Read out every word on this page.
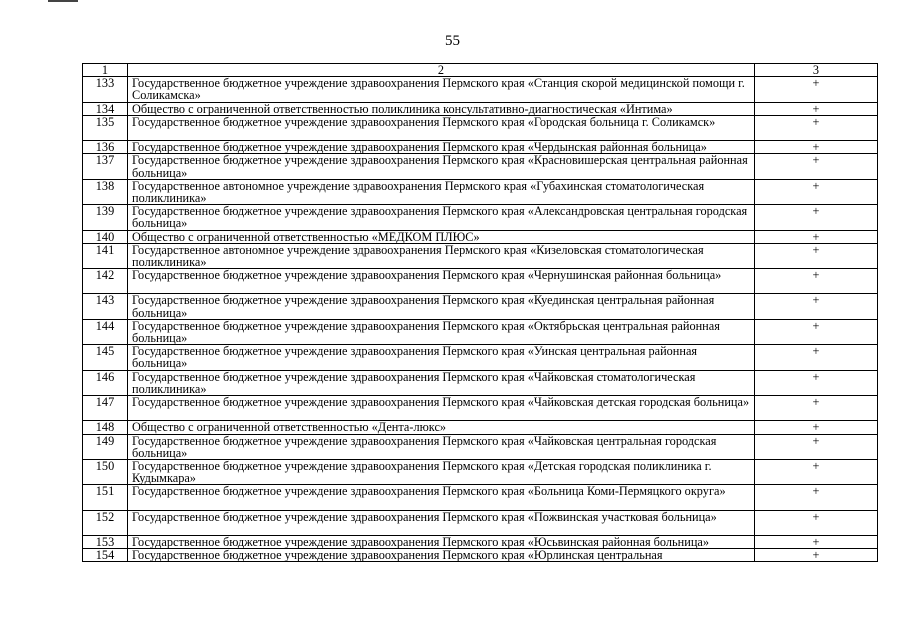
55
1	2	3
133	Государственное бюджетное учреждение здравоохранения Пермского края «Станция скорой медицинской помощи г. Соликамска»	+
134	Общество с ограниченной ответственностью поликлиника консультативно-диагностическая «Интима»	+
135	Государственное бюджетное учреждение здравоохранения Пермского края «Городская больница г. Соликамск»	+
136	Государственное бюджетное учреждение здравоохранения Пермского края «Чердынская районная больница»	+
137	Государственное бюджетное учреждение здравоохранения Пермского края «Красновишерская центральная районная больница»	+
138	Государственное автономное учреждение здравоохранения Пермского края «Губахинская стоматологическая поликлиника»	+
139	Государственное бюджетное учреждение здравоохранения Пермского края «Александровская центральная городская больница»	+
140	Общество с ограниченной ответственностью «МЕДКОМ ПЛЮС»	+
141	Государственное автономное учреждение здравоохранения Пермского края «Кизеловская стоматологическая поликлиника»	+
142	Государственное бюджетное учреждение здравоохранения Пермского края «Чернушинская районная больница»	+
143	Государственное бюджетное учреждение здравоохранения Пермского края «Куединская центральная районная больница»	+
144	Государственное бюджетное учреждение здравоохранения Пермского края «Октябрьская центральная районная больница»	+
145	Государственное бюджетное учреждение здравоохранения Пермского края «Уинская центральная районная больница»	+
146	Государственное бюджетное учреждение здравоохранения Пермского края «Чайковская стоматологическая поликлиника»	+
147	Государственное бюджетное учреждение здравоохранения Пермского края «Чайковская детская городская больница»	+
148	Общество с ограниченной ответственностью «Дента-люкс»	+
149	Государственное бюджетное учреждение здравоохранения Пермского края «Чайковская центральная городская больница»	+
150	Государственное бюджетное учреждение здравоохранения Пермского края «Детская городская поликлиника г. Кудымкара»	+
151	Государственное бюджетное учреждение здравоохранения Пермского края «Больница Коми-Пермяцкого округа»	+
152	Государственное бюджетное учреждение здравоохранения Пермского края «Пожвинская участковая больница»	+
153	Государственное бюджетное учреждение здравоохранения Пермского края «Юсьвинская районная больница»	+
154	Государственное бюджетное учреждение здравоохранения Пермского края «Юрлинская центральная	+
